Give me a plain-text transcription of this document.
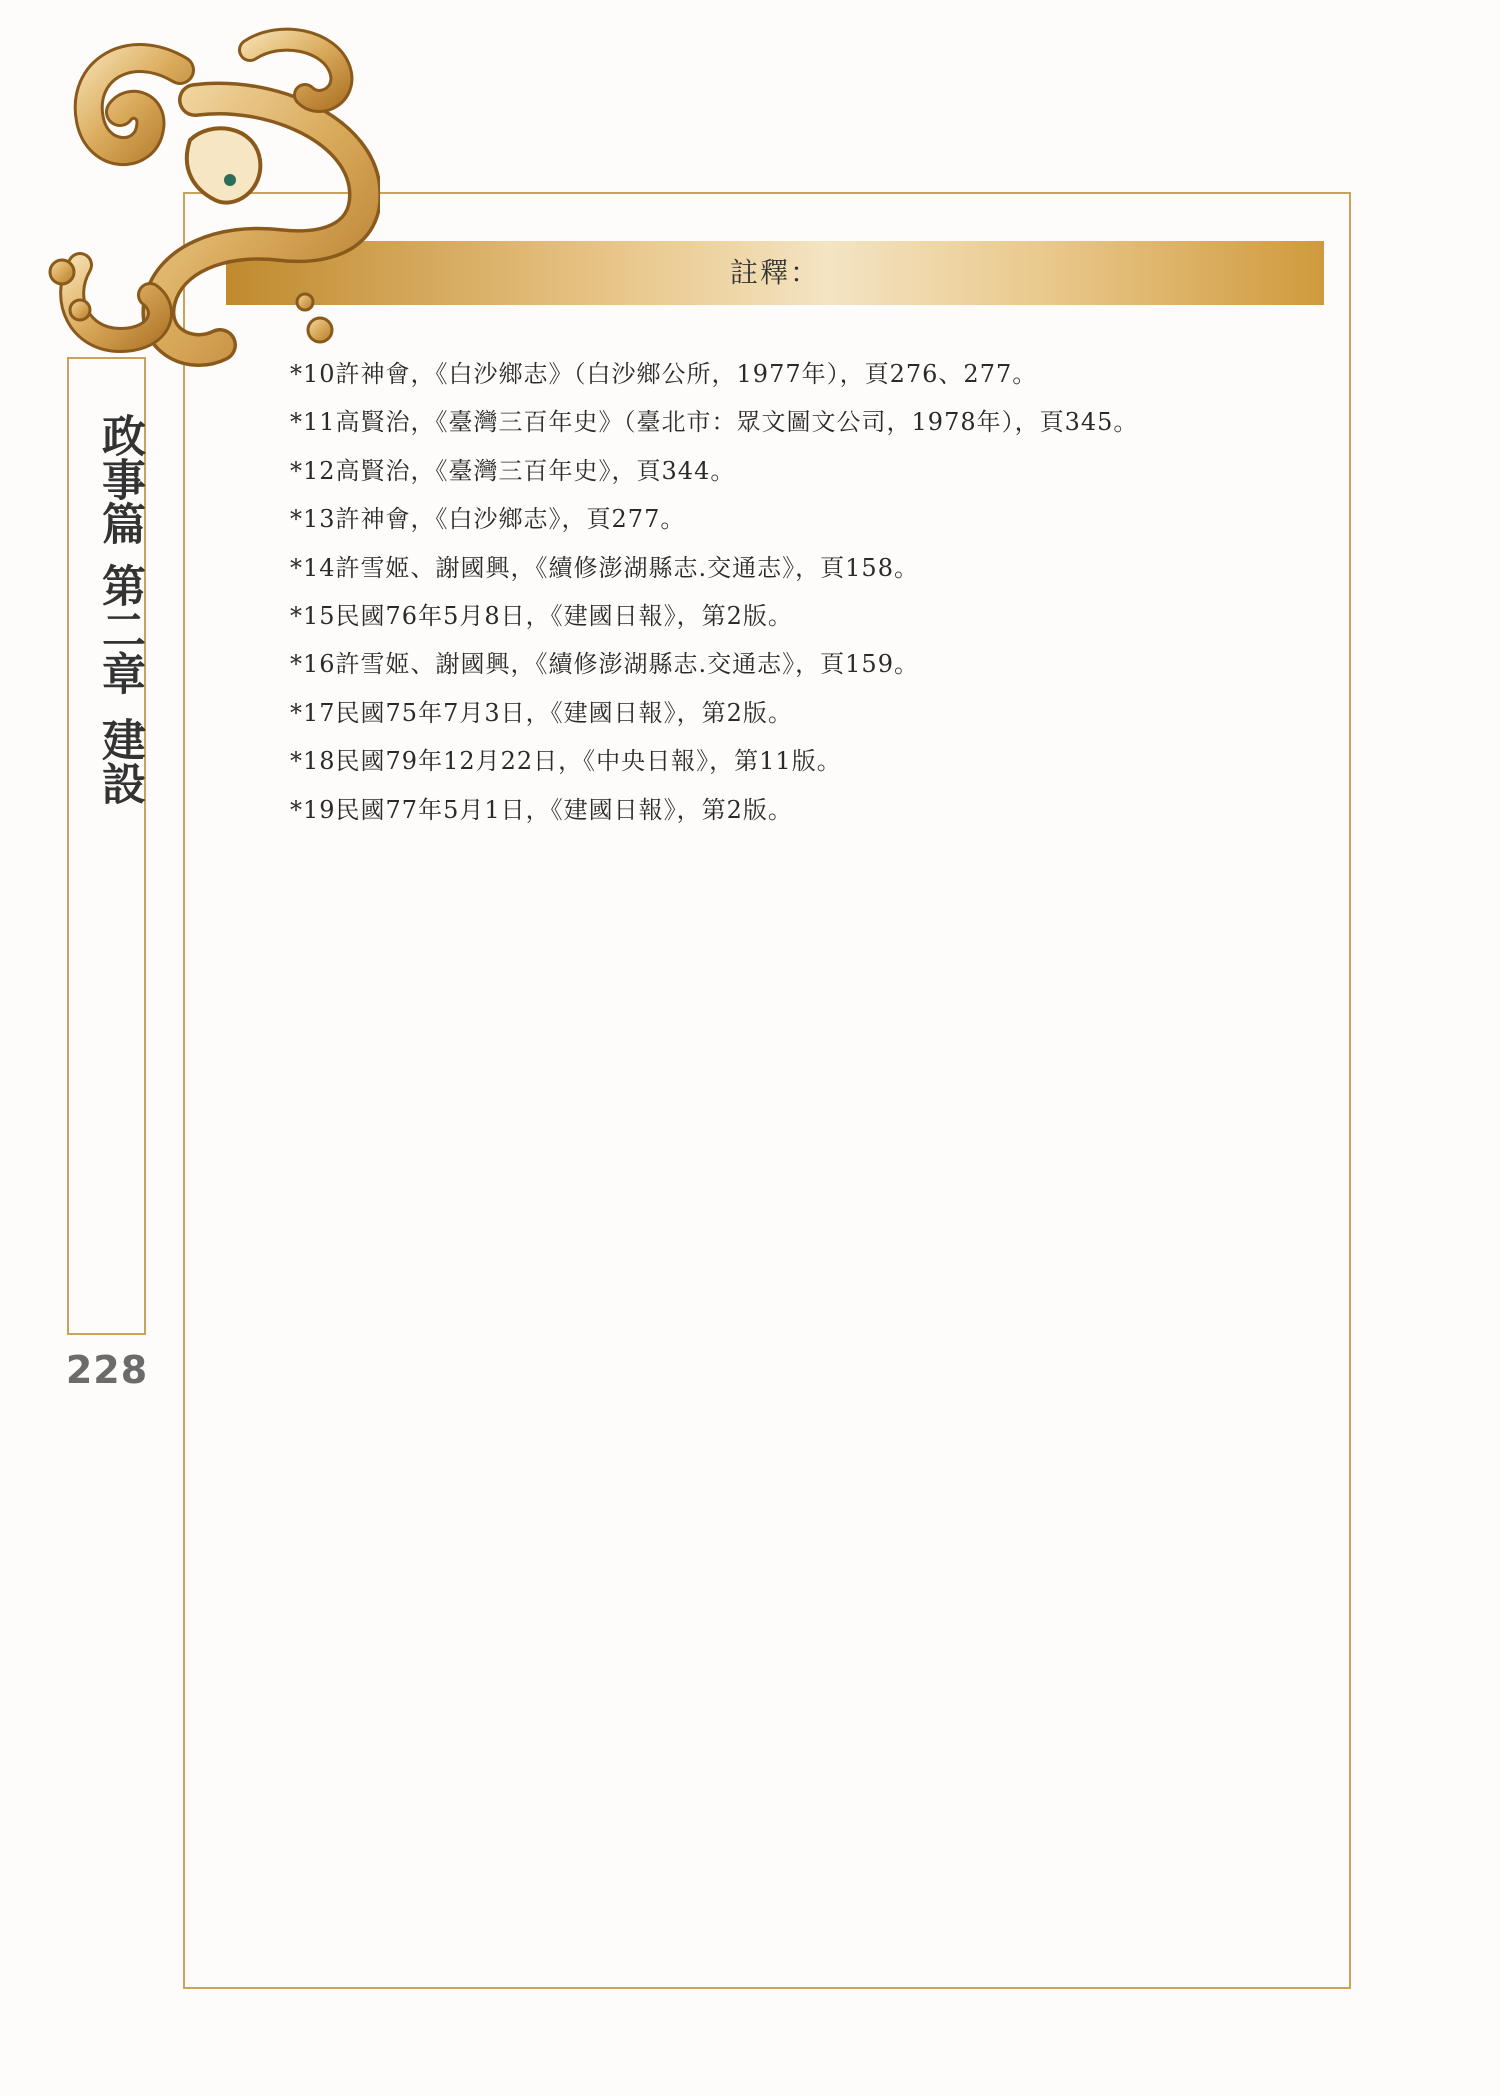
註釋：
*10許神會，《白沙鄉志》（白沙鄉公所，1977年），頁276、277。
*11高賢治，《臺灣三百年史》（臺北市：眾文圖文公司，1978年），頁345。
*12高賢治，《臺灣三百年史》，頁344。
*13許神會，《白沙鄉志》，頁277。
*14許雪姬、謝國興，《續修澎湖縣志.交通志》，頁158。
*15民國76年5月8日，《建國日報》，第2版。
*16許雪姬、謝國興，《續修澎湖縣志.交通志》，頁159。
*17民國75年7月3日，《建國日報》，第2版。
*18民國79年12月22日，《中央日報》，第11版。
*19民國77年5月1日，《建國日報》，第2版。
政事篇第二章建設
228
